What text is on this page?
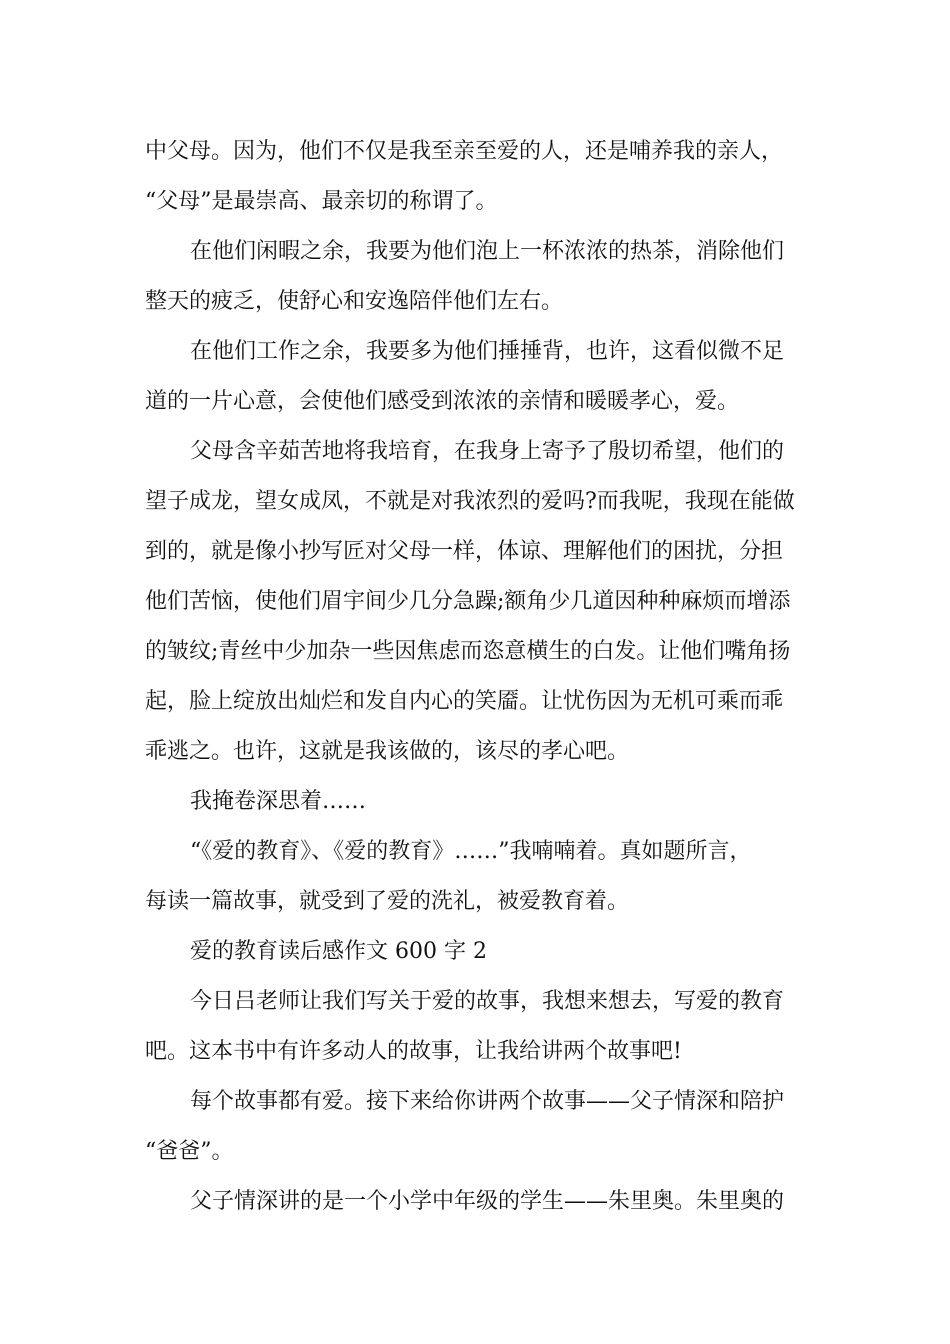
中父母。因为，他们不仅是我至亲至爱的人，还是哺养我的亲人，
“父母”是最崇高、最亲切的称谓了。

在他们闲暇之余，我要为他们泡上一杯浓浓的热茶，消除他们
整天的疲乏，使舒心和安逸陪伴他们左右。

在他们工作之余，我要多为他们捶捶背，也许，这看似微不足
道的一片心意，会使他们感受到浓浓的亲情和暖暖孝心，爱。

父母含辛茹苦地将我培育，在我身上寄予了殷切希望，他们的
望子成龙，望女成凤，不就是对我浓烈的爱吗?而我呢，我现在能做
到的，就是像小抄写匠对父母一样，体谅、理解他们的困扰，分担
他们苦恼，使他们眉宇间少几分急躁;额角少几道因种种麻烦而增添
的皱纹;青丝中少加杂一些因焦虑而恣意横生的白发。让他们嘴角扬
起，脸上绽放出灿烂和发自内心的笑靥。让忧伤因为无机可乘而乖
乖逃之。也许，这就是我该做的，该尽的孝心吧。

我掩卷深思着……

“《爱的教育》、《爱的教育》……”我喃喃着。真如题所言，
每读一篇故事，就受到了爱的洗礼，被爱教育着。

爱的教育读后感作文 600 字 2

今日吕老师让我们写关于爱的故事，我想来想去，写爱的教育
吧。这本书中有许多动人的故事，让我给讲两个故事吧!

每个故事都有爱。接下来给你讲两个故事——父子情深和陪护
“爸爸”。

父子情深讲的是一个小学中年级的学生——朱里奥。朱里奥的
